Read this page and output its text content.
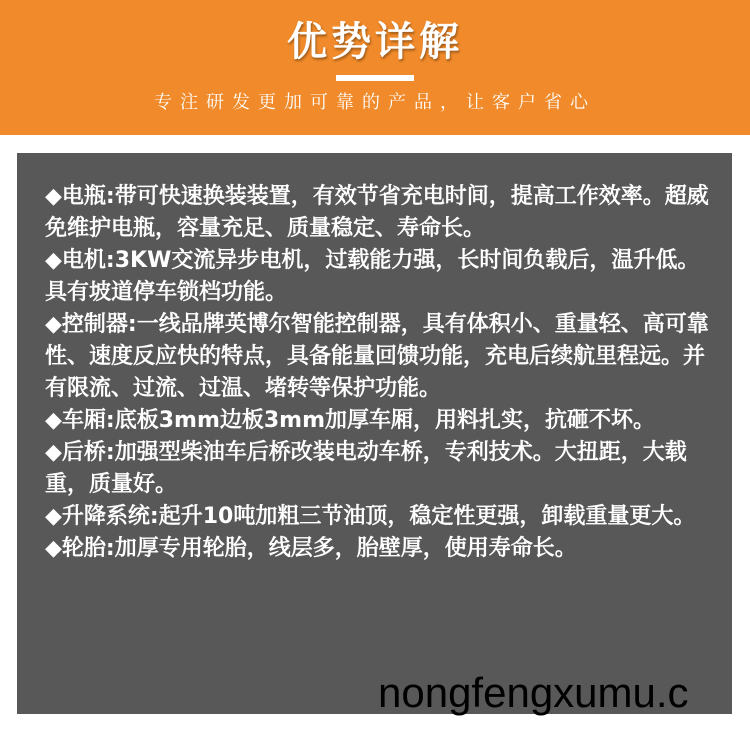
优势详解
专注研发更加可靠的产品，让客户省心

◆电瓶:带可快速换装装置，有效节省充电时间，提高工作效率。超威免维护电瓶，容量充足、质量稳定、寿命长。

◆电机:3KW交流异步电机，过载能力强，长时间负载后，温升低。具有坡道停车锁档功能。

◆控制器:一线品牌英博尔智能控制器，具有体积小、重量轻、高可靠性、速度反应快的特点，具备能量回馈功能，充电后续航里程远。并有限流、过流、过温、堵转等保护功能。

◆车厢:底板3mm边板3mm加厚车厢，用料扎实，抗砸不坏。

◆后桥:加强型柴油车后桥改装电动车桥，专利技术。大扭距，大载重，质量好。

◆升降系统:起升10吨加粗三节油顶，稳定性更强，卸载重量更大。

◆轮胎:加厚专用轮胎，线层多，胎壁厚，使用寿命长。

nongfengxumu.c
